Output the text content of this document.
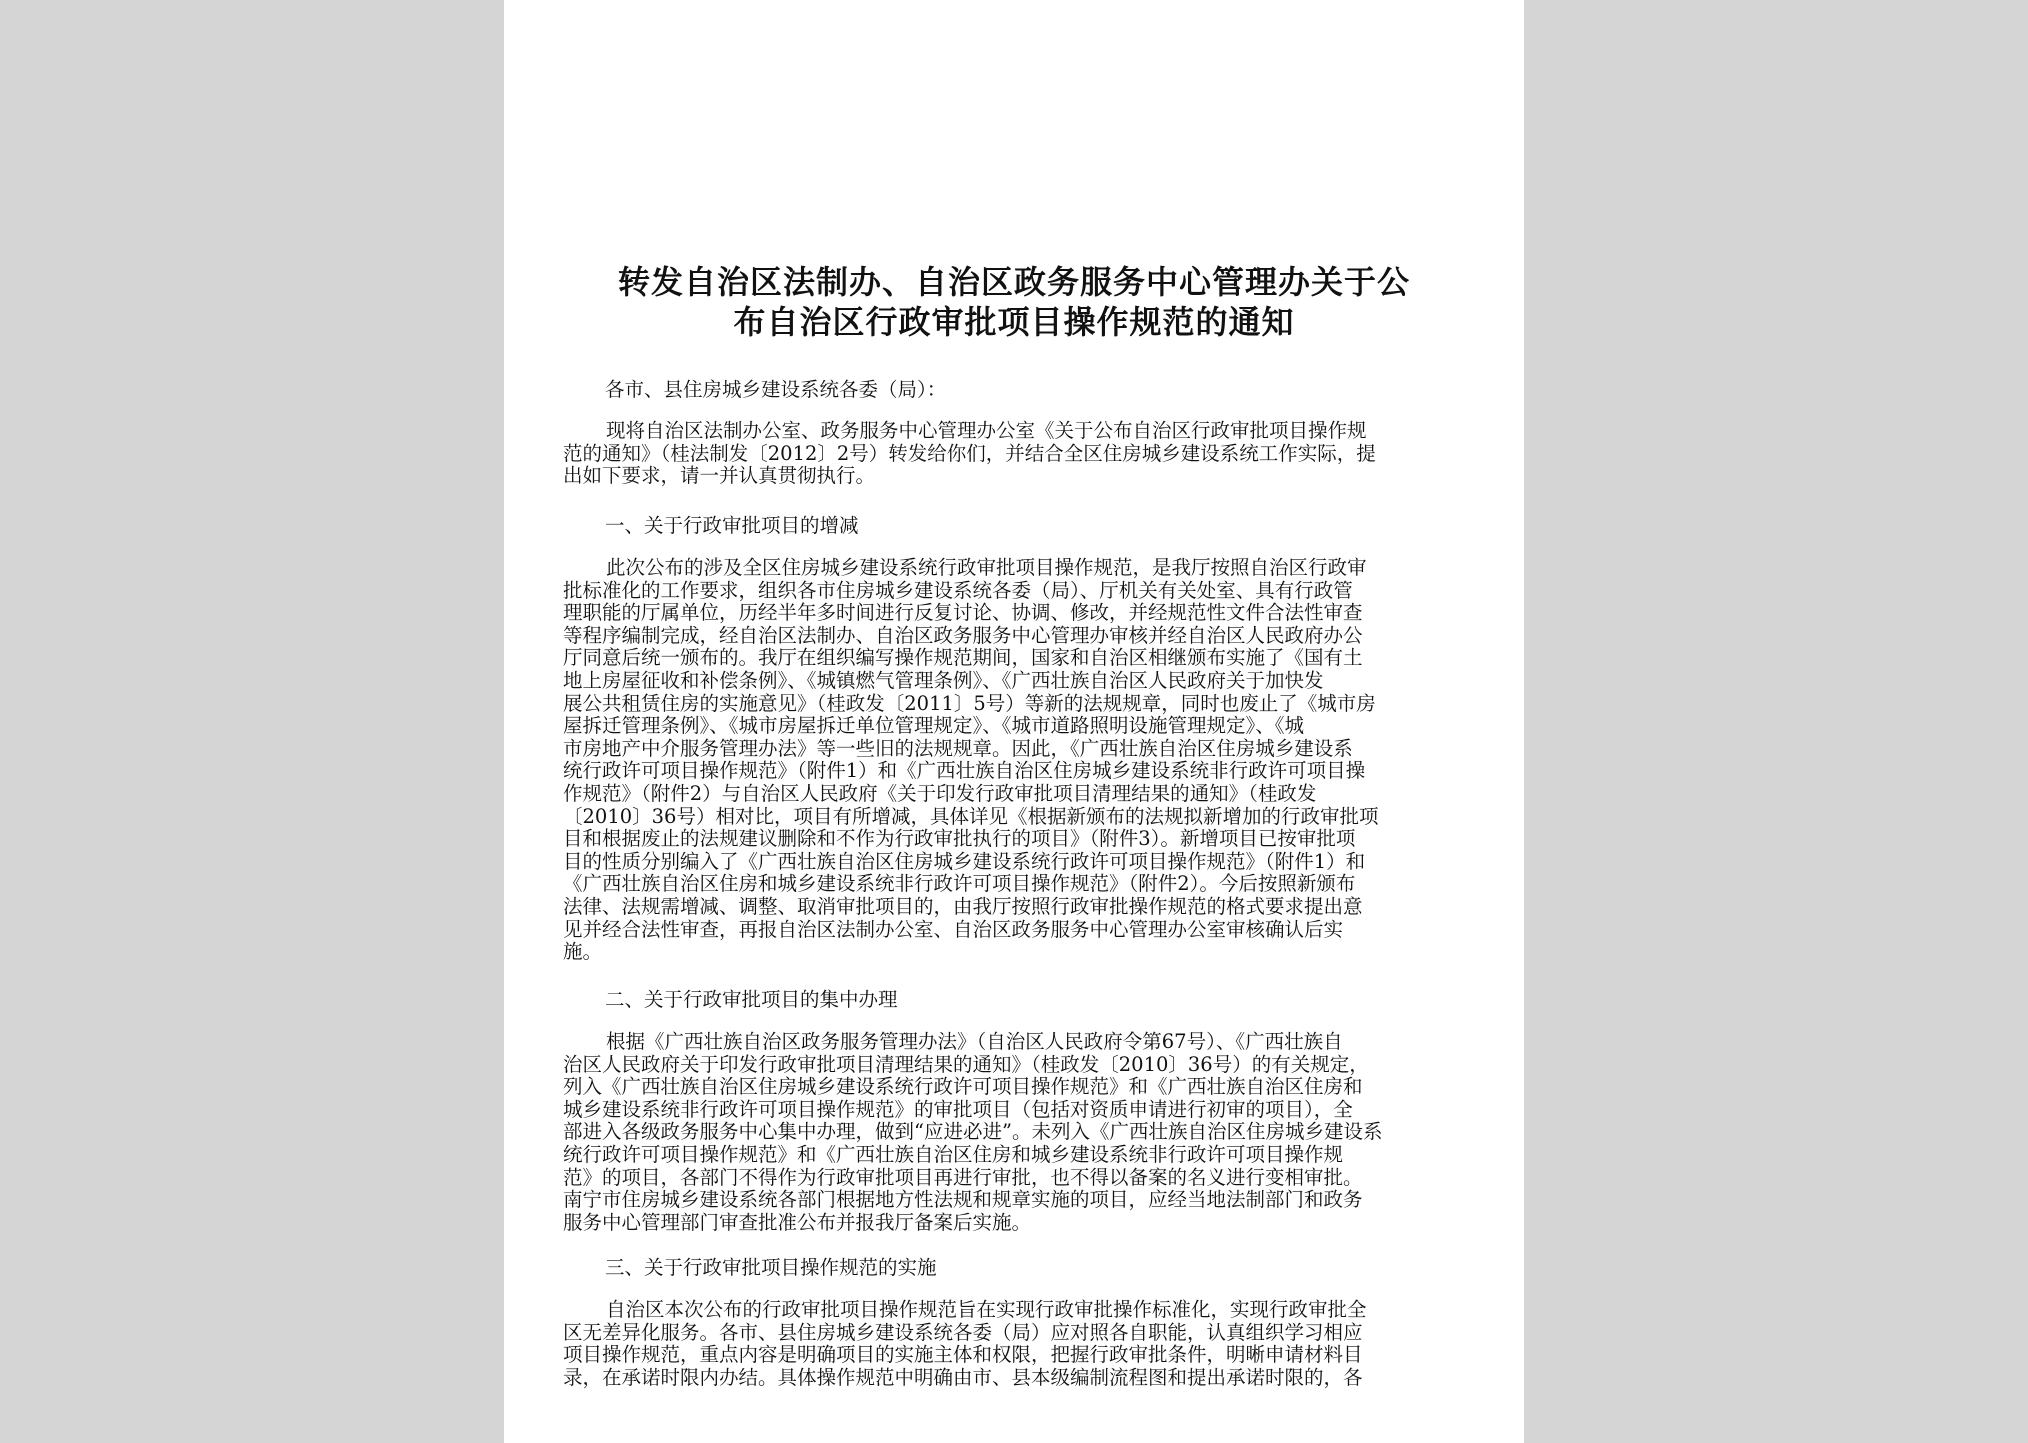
转发自治区法制办、自治区政务服务中心管理办关于公
布自治区行政审批项目操作规范的通知
各市、县住房城乡建设系统各委（局）：
现将自治区法制办公室、政务服务中心管理办公室《关于公布自治区行政审批项目操作规
范的通知》（桂法制发〔2012〕2号）转发给你们，并结合全区住房城乡建设系统工作实际，提
出如下要求，请一并认真贯彻执行。
一、关于行政审批项目的增减
此次公布的涉及全区住房城乡建设系统行政审批项目操作规范，是我厅按照自治区行政审
批标准化的工作要求，组织各市住房城乡建设系统各委（局）、厅机关有关处室、具有行政管
理职能的厅属单位，历经半年多时间进行反复讨论、协调、修改，并经规范性文件合法性审查
等程序编制完成，经自治区法制办、自治区政务服务中心管理办审核并经自治区人民政府办公
厅同意后统一颁布的。我厅在组织编写操作规范期间，国家和自治区相继颁布实施了《国有土
地上房屋征收和补偿条例》、《城镇燃气管理条例》、《广西壮族自治区人民政府关于加快发
展公共租赁住房的实施意见》（桂政发〔2011〕5号）等新的法规规章，同时也废止了《城市房
屋拆迁管理条例》、《城市房屋拆迁单位管理规定》、《城市道路照明设施管理规定》、《城
市房地产中介服务管理办法》等一些旧的法规规章。因此，《广西壮族自治区住房城乡建设系
统行政许可项目操作规范》（附件1）和《广西壮族自治区住房城乡建设系统非行政许可项目操
作规范》（附件2）与自治区人民政府《关于印发行政审批项目清理结果的通知》（桂政发
〔2010〕36号）相对比，项目有所增减，具体详见《根据新颁布的法规拟新增加的行政审批项
目和根据废止的法规建议删除和不作为行政审批执行的项目》（附件3）。新增项目已按审批项
目的性质分别编入了《广西壮族自治区住房城乡建设系统行政许可项目操作规范》（附件1）和
《广西壮族自治区住房和城乡建设系统非行政许可项目操作规范》（附件2）。今后按照新颁布
法律、法规需增减、调整、取消审批项目的，由我厅按照行政审批操作规范的格式要求提出意
见并经合法性审查，再报自治区法制办公室、自治区政务服务中心管理办公室审核确认后实
施。
二、关于行政审批项目的集中办理
根据《广西壮族自治区政务服务管理办法》（自治区人民政府令第67号）、《广西壮族自
治区人民政府关于印发行政审批项目清理结果的通知》（桂政发〔2010〕36号）的有关规定，
列入《广西壮族自治区住房城乡建设系统行政许可项目操作规范》和《广西壮族自治区住房和
城乡建设系统非行政许可项目操作规范》的审批项目（包括对资质申请进行初审的项目），全
部进入各级政务服务中心集中办理，做到“应进必进”。未列入《广西壮族自治区住房城乡建设系
统行政许可项目操作规范》和《广西壮族自治区住房和城乡建设系统非行政许可项目操作规
范》的项目，各部门不得作为行政审批项目再进行审批，也不得以备案的名义进行变相审批。
南宁市住房城乡建设系统各部门根据地方性法规和规章实施的项目，应经当地法制部门和政务
服务中心管理部门审查批准公布并报我厅备案后实施。
三、关于行政审批项目操作规范的实施
自治区本次公布的行政审批项目操作规范旨在实现行政审批操作标准化，实现行政审批全
区无差异化服务。各市、县住房城乡建设系统各委（局）应对照各自职能，认真组织学习相应
项目操作规范，重点内容是明确项目的实施主体和权限，把握行政审批条件，明晰申请材料目
录，在承诺时限内办结。具体操作规范中明确由市、县本级编制流程图和提出承诺时限的，各
